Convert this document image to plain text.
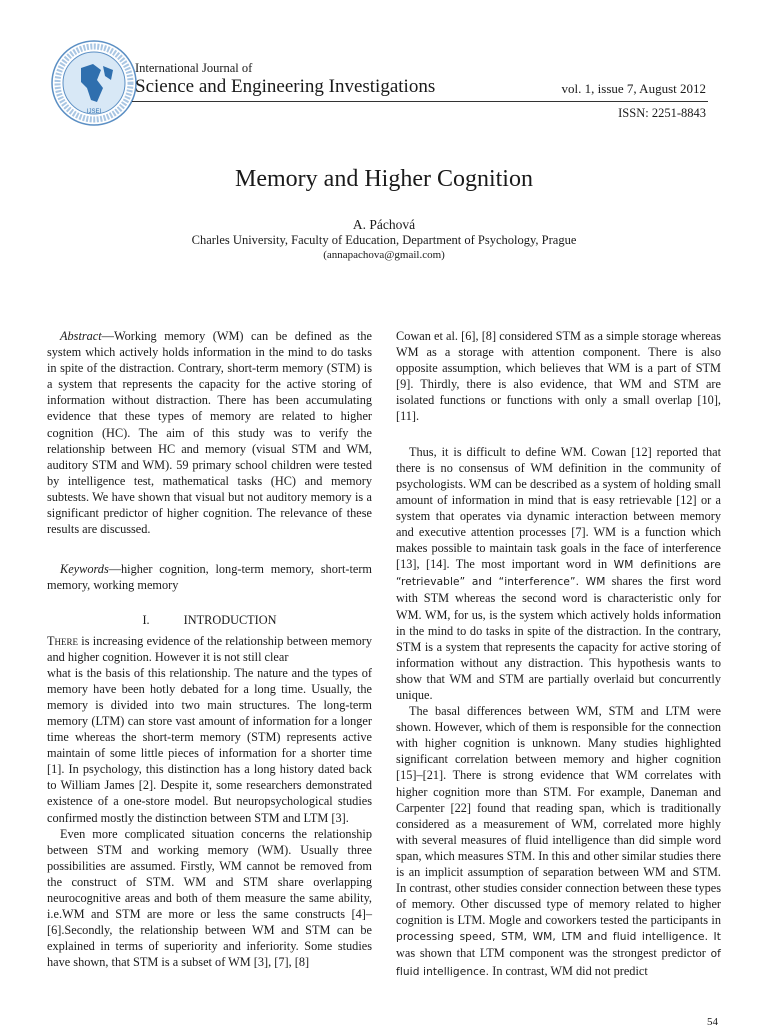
IJSEI
International Journal of
Science and Engineering Investigations	vol. 1, issue 7, August 2012
ISSN: 2251-8843
Memory and Higher Cognition
A. Páchová
Charles University, Faculty of Education, Department of Psychology, Prague
(annapachova@gmail.com)

Abstract—Working memory (WM) can be defined as the system which actively holds information in the mind to do tasks in spite of the distraction. Contrary, short-term memory (STM) is a system that represents the capacity for the active storing of information without distraction. There has been accumulating evidence that these types of memory are related to higher cognition (HC). The aim of this study was to verify the relationship between HC and memory (visual STM and WM, auditory STM and WM). 59 primary school children were tested by intelligence test, mathematical tasks (HC) and memory subtests. We have shown that visual but not auditory memory is a significant predictor of higher cognition. The relevance of these results are discussed.

Keywords—higher cognition, long-term memory, short-term memory, working memory

I.	INTRODUCTION

There is increasing evidence of the relationship between memory and higher cognition. However it is not still clear

what is the basis of this relationship. The nature and the types of memory have been hotly debated for a long time. Usually, the memory is divided into two main structures. The long-term memory (LTM) can store vast amount of information for a longer time whereas the short-term memory (STM) represents active maintain of some little pieces of information for a shorter time [1]. In psychology, this distinction has a long history dated back to William James [2]. Despite it, some researchers demonstrated existence of a one-store model. But neuropsychological studies confirmed mostly the distinction between STM and LTM [3].

Even more complicated situation concerns the relationship between STM and working memory (WM). Usually three possibilities are assumed. Firstly, WM cannot be removed from the construct of STM. WM and STM share overlapping neurocognitive areas and both of them measure the same ability, i.e.WM and STM are more or less the same constructs [4]–[6].Secondly, the relationship between WM and STM can be explained in terms of superiority and inferiority. Some studies have shown, that STM is a subset of WM [3], [7], [8]

Cowan et al. [6], [8] considered STM as a simple storage whereas WM as a storage with attention component. There is also opposite assumption, which believes that WM is a part of STM [9]. Thirdly, there is also evidence, that WM and STM are isolated functions or functions with only a small overlap [10],[11].

Thus, it is difficult to define WM. Cowan [12] reported that there is no consensus of WM definition in the community of psychologists. WM can be described as a system of holding small amount of information in mind that is easy retrievable [12] or a system that operates via dynamic interaction between memory and executive attention processes [7]. WM is a function which makes possible to maintain task goals in the face of interference [13], [14]. The most important word in WM definitions are “retrievable” and “interference”. WM shares the first word with STM whereas the second word is characteristic only for WM. WM, for us, is the system which actively holds information in the mind to do tasks in spite of the distraction. In the contrary, STM is a system that represents the capacity for active storing of information without any distraction. This hypothesis wants to show that WM and STM are partially overlaid but concurrently unique.

The basal differences between WM, STM and LTM were shown. However, which of them is responsible for the connection with higher cognition is unknown. Many studies highlighted significant correlation between memory and higher cognition [15]–[21]. There is strong evidence that WM correlates with higher cognition more than STM. For example, Daneman and Carpenter [22] found that reading span, which is traditionally considered as a measurement of WM, correlated more highly with several measures of fluid intelligence than did simple word span, which measures STM. In this and other similar studies there is an implicit assumption of separation between WM and STM. In contrast, other studies consider connection between these types of memory. Other discussed type of memory related to higher cognition is LTM. Mogle and coworkers tested the participants in processing speed, STM, WM, LTM and fluid intelligence. It was shown that LTM component was the strongest predictor of fluid intelligence. In contrast, WM did not predict

54
